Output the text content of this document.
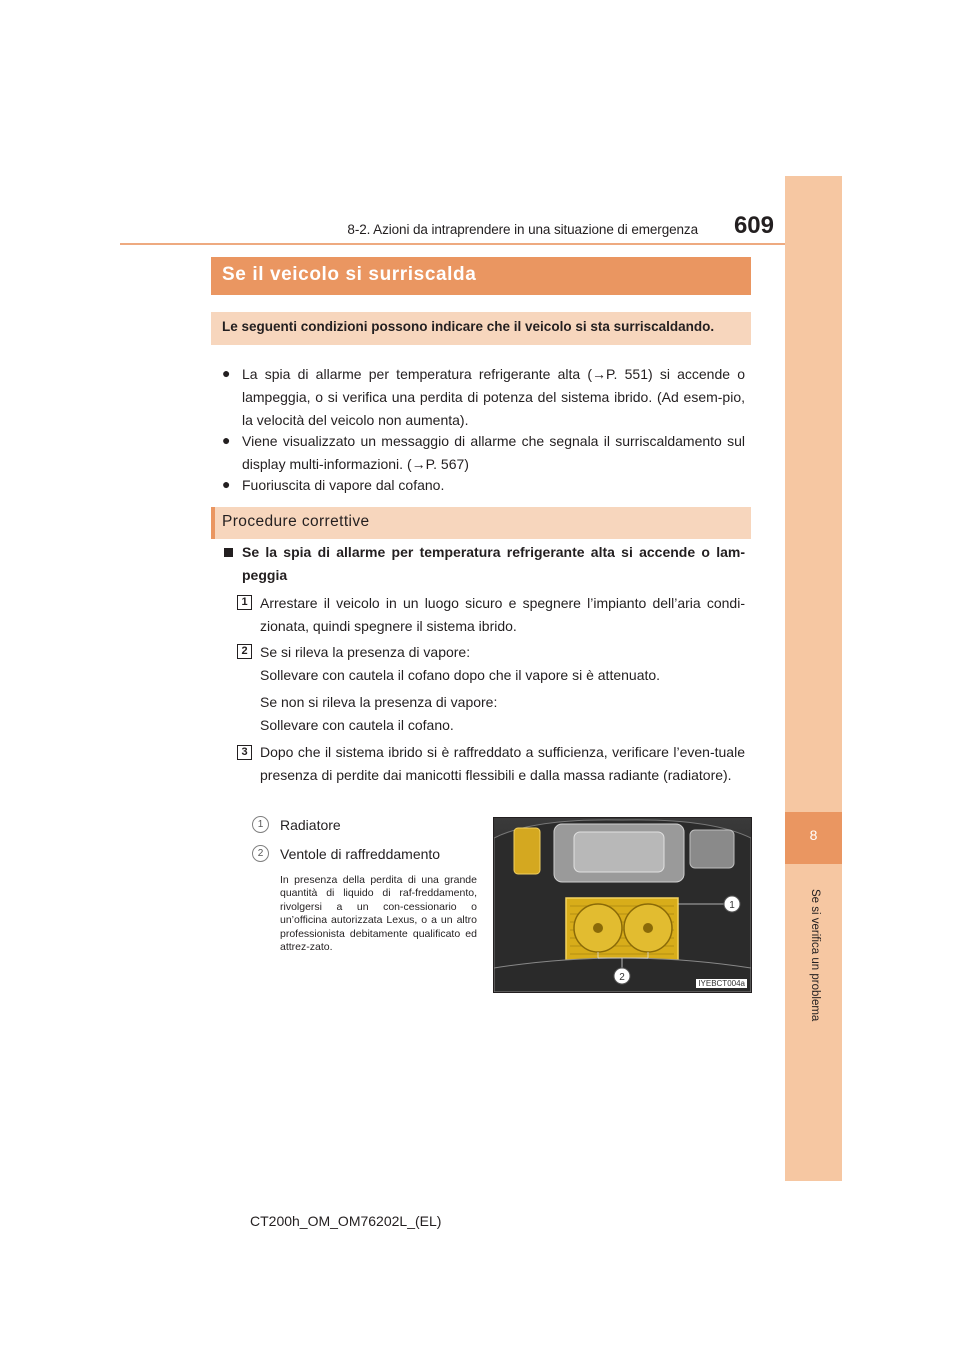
8-2. Azioni da intraprendere in una situazione di emergenza	609
8
Se si verifica un problema
Se il veicolo si surriscalda
Le seguenti condizioni possono indicare che il veicolo si sta surriscaldando.
● La spia di allarme per temperatura refrigerante alta (→P. 551) si accende o lampeggia, o si verifica una perdita di potenza del sistema ibrido. (Ad esem-pio, la velocità del veicolo non aumenta).
● Viene visualizzato un messaggio di allarme che segnala il surriscaldamento sul display multi-informazioni. (→P. 567)
● Fuoriuscita di vapore dal cofano.
Procedure correttive
Se la spia di allarme per temperatura refrigerante alta si accende o lam-peggia
1 Arrestare il veicolo in un luogo sicuro e spegnere l’impianto dell’aria condi-zionata, quindi spegnere il sistema ibrido.
2 Se si rileva la presenza di vapore:
Sollevare con cautela il cofano dopo che il vapore si è attenuato.
Se non si rileva la presenza di vapore:
Sollevare con cautela il cofano.
3 Dopo che il sistema ibrido si è raffreddato a sufficienza, verificare l’even-tuale presenza di perdite dai manicotti flessibili e dalla massa radiante (radiatore).
1	Radiatore
2	Ventole di raffreddamento
In presenza della perdita di una grande quantità di liquido di raf-freddamento, rivolgersi a un con-cessionario o un’officina autorizzata Lexus, o a un altro professionista debitamente qualificato ed attrez-zato.
1
2
IYEBCT004a
CT200h_OM_OM76202L_(EL)
